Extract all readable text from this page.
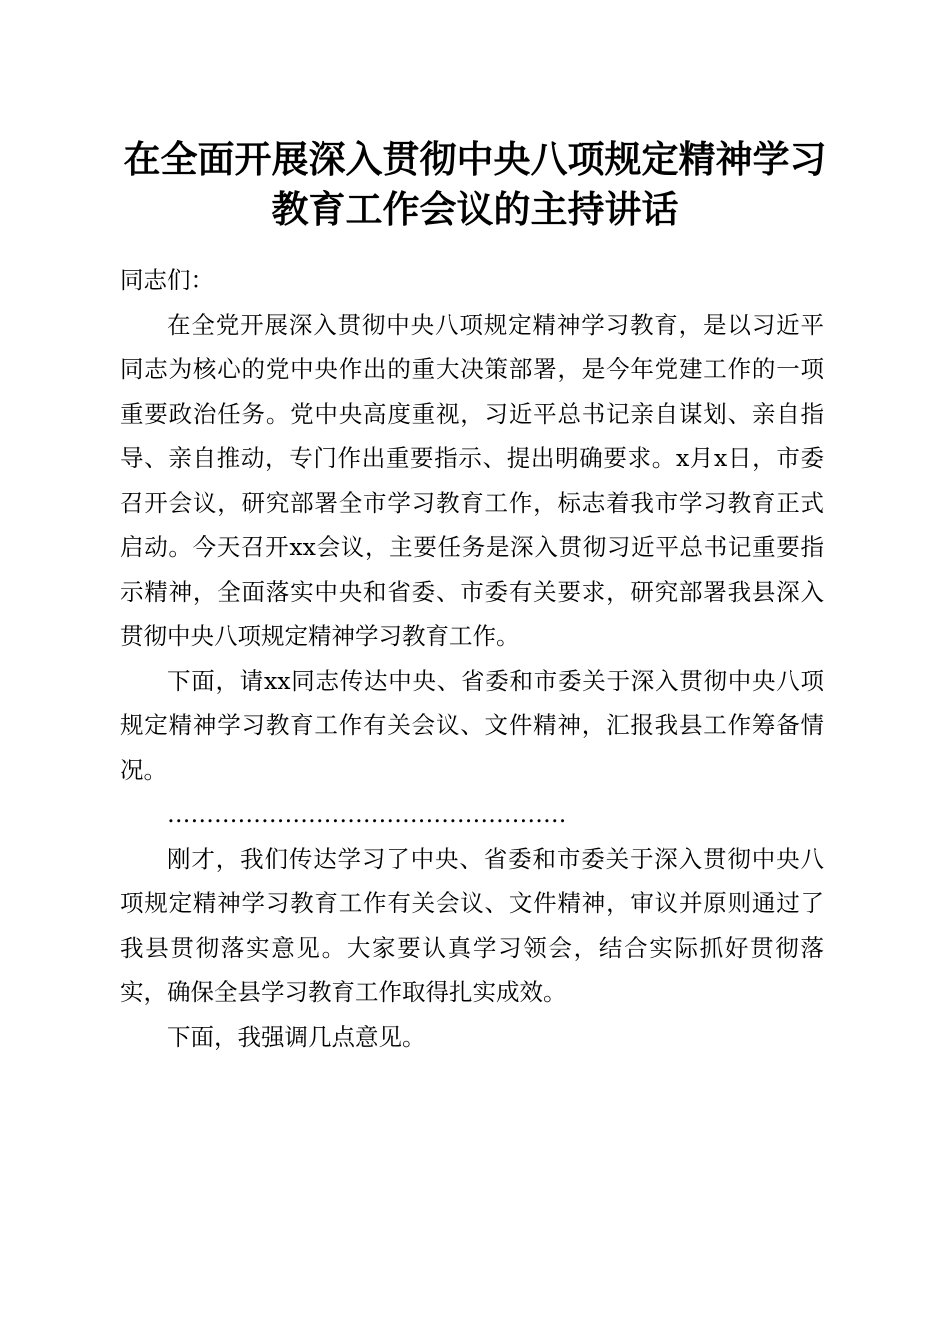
在全面开展深入贯彻中央八项规定精神学习教育工作会议的主持讲话

同志们：

在全党开展深入贯彻中央八项规定精神学习教育，是以习近平同志为核心的党中央作出的重大决策部署，是今年党建工作的一项重要政治任务。党中央高度重视，习近平总书记亲自谋划、亲自指导、亲自推动，专门作出重要指示、提出明确要求。x月x日，市委召开会议，研究部署全市学习教育工作，标志着我市学习教育正式启动。今天召开xx会议，主要任务是深入贯彻习近平总书记重要指示精神，全面落实中央和省委、市委有关要求，研究部署我县深入贯彻中央八项规定精神学习教育工作。

下面，请xx同志传达中央、省委和市委关于深入贯彻中央八项规定精神学习教育工作有关会议、文件精神，汇报我县工作筹备情况。

……………………………………………

刚才，我们传达学习了中央、省委和市委关于深入贯彻中央八项规定精神学习教育工作有关会议、文件精神，审议并原则通过了我县贯彻落实意见。大家要认真学习领会，结合实际抓好贯彻落实，确保全县学习教育工作取得扎实成效。

下面，我强调几点意见。
